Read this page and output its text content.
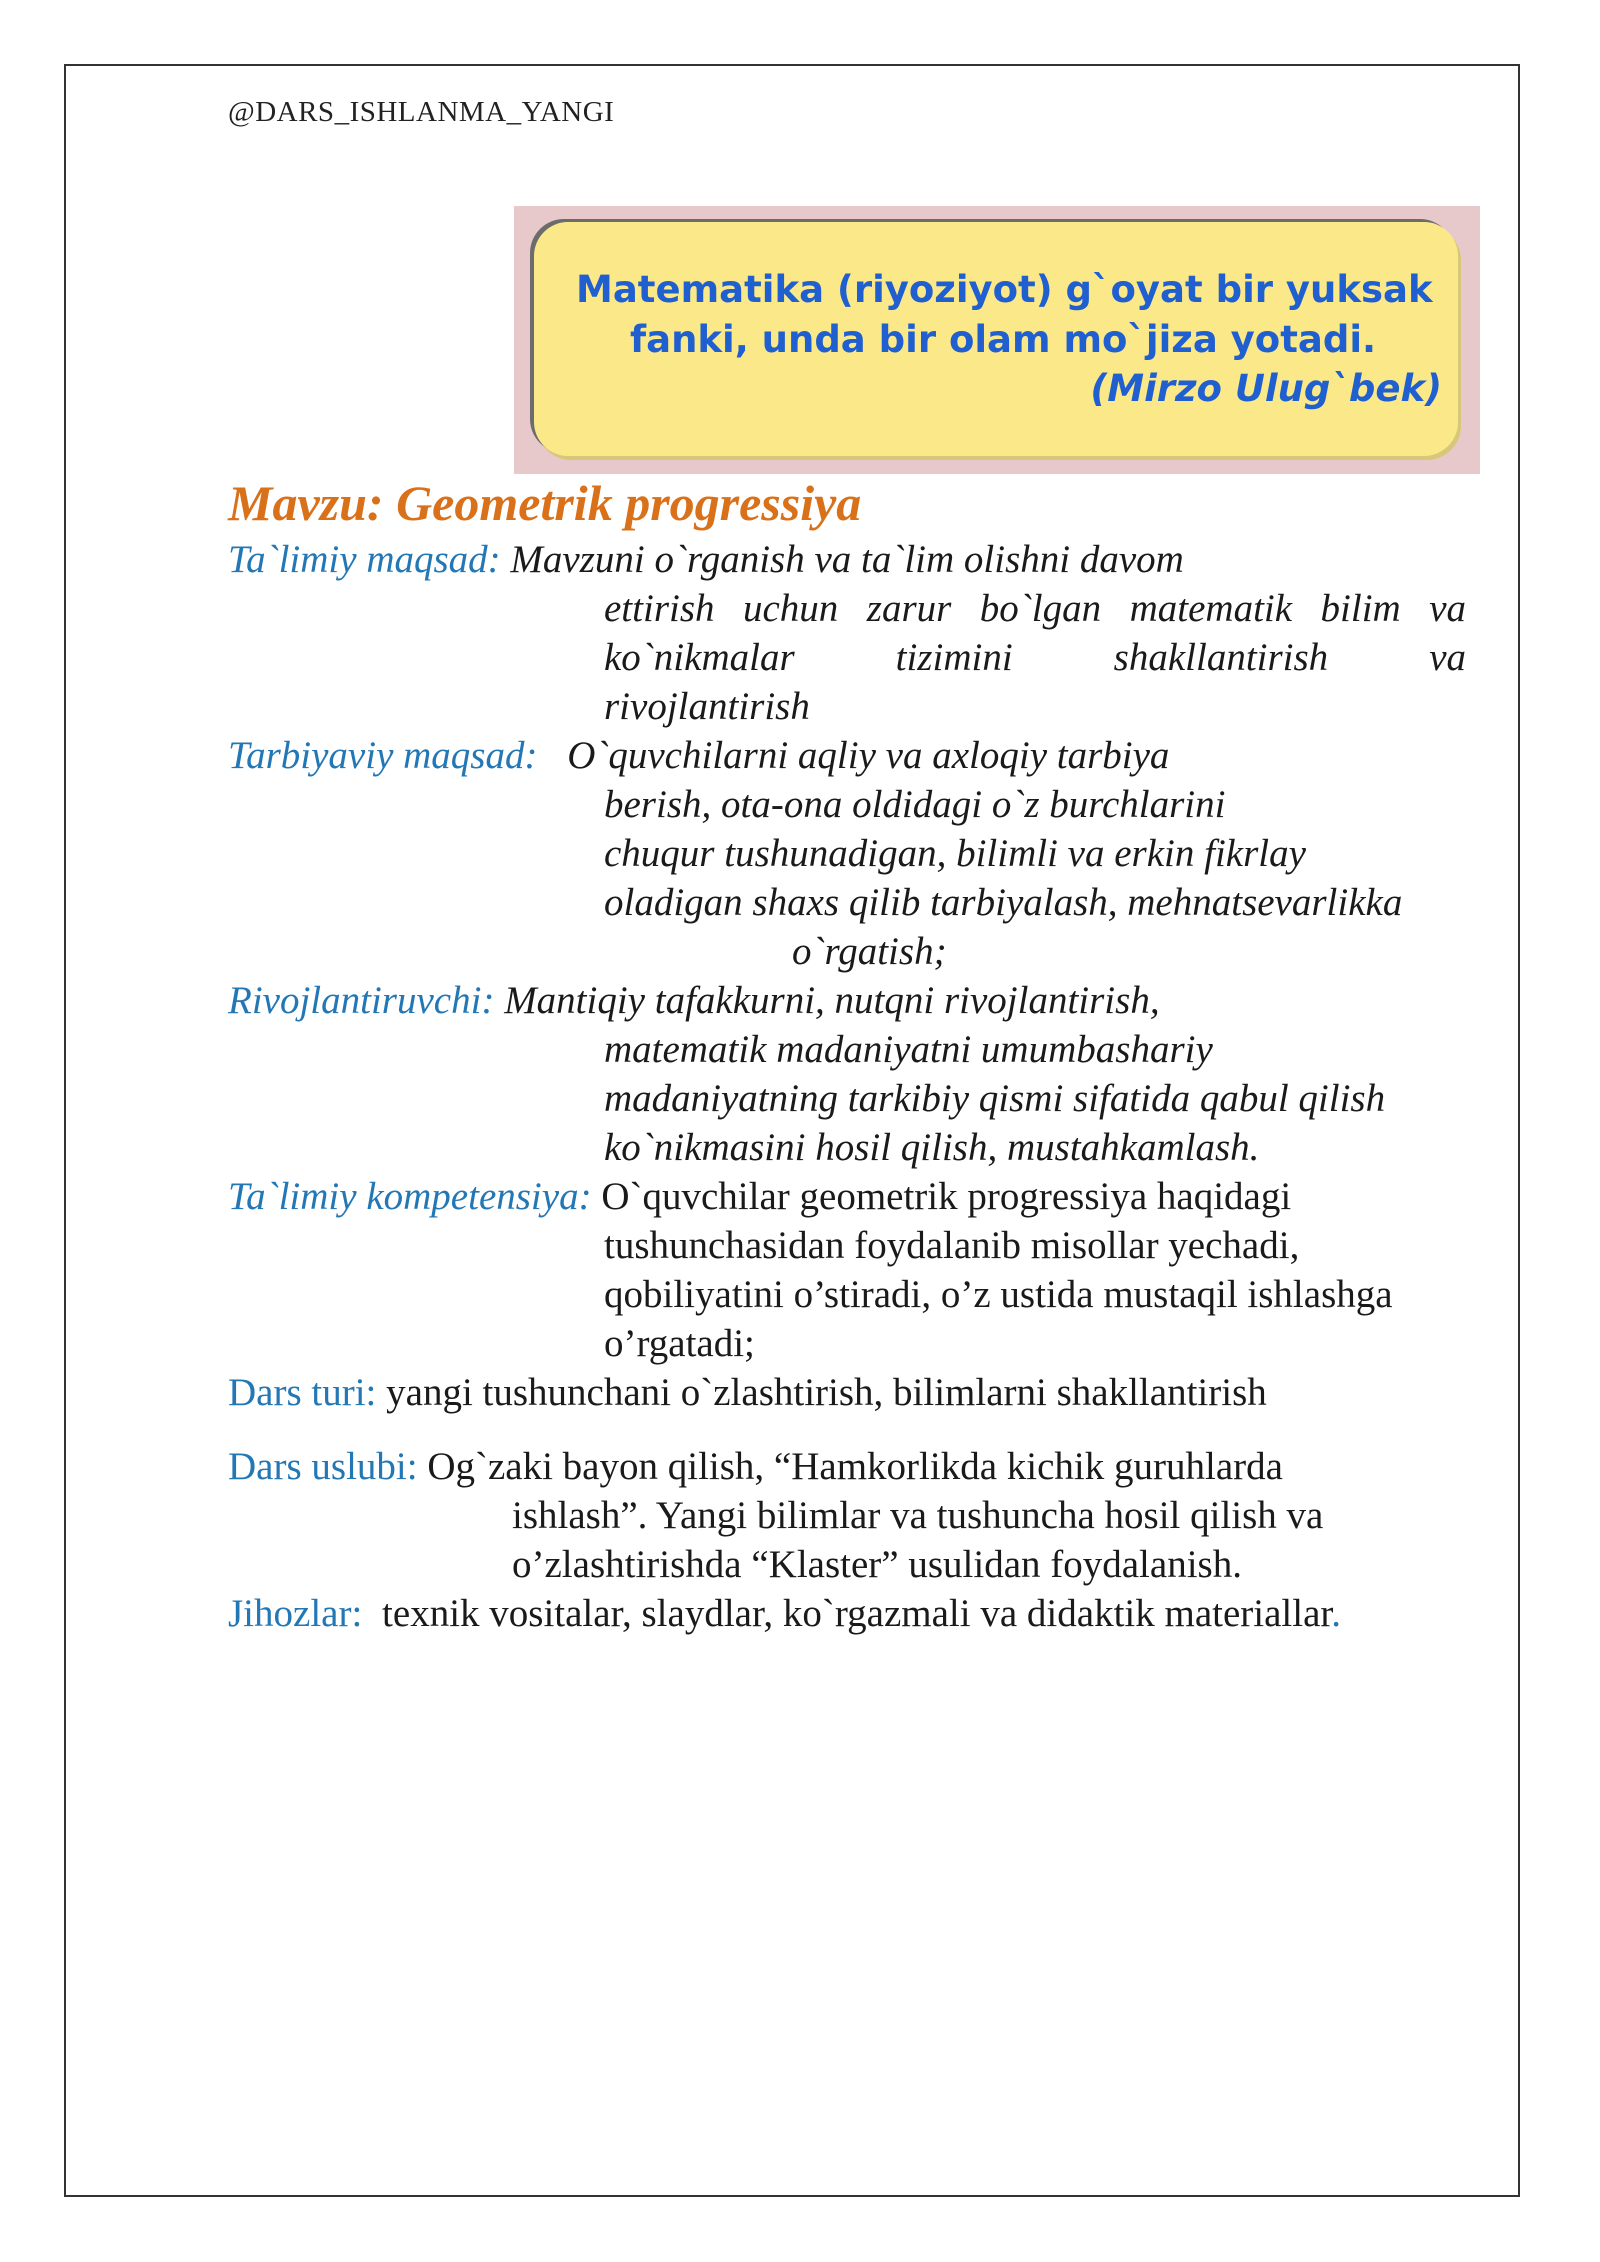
@DARS_ISHLANMA_YANGI
Matematika (riyoziyot) g`oyat bir yuksak
fanki, unda bir olam mo`jiza yotadi.
(Mirzo Ulug`bek)
Mavzu: Geometrik progressiya
Ta`limiy maqsad: Mavzuni o`rganish va ta`lim olishni davom
ettirish uchun zarur bo`lgan matematik bilim va
ko`nikmalar tizimini shakllantirish va
rivojlantirish
Tarbiyaviy maqsad: O`quvchilarni aqliy va axloqiy tarbiya
berish, ota-ona oldidagi o`z burchlarini
chuqur tushunadigan, bilimli va erkin fikrlay
oladigan shaxs qilib tarbiyalash, mehnatsevarlikka
o`rgatish;
Rivojlantiruvchi: Mantiqiy tafakkurni, nutqni rivojlantirish,
matematik madaniyatni umumbashariy
madaniyatning tarkibiy qismi sifatida qabul qilish
ko`nikmasini hosil qilish, mustahkamlash.
Ta`limiy kompetensiya: O`quvchilar geometrik progressiya haqidagi
tushunchasidan foydalanib misollar yechadi,
qobiliyatini o’stiradi, o’z ustida mustaqil ishlashga
o’rgatadi;
Dars turi: yangi tushunchani o`zlashtirish, bilimlarni shakllantirish
Dars uslubi: Og`zaki bayon qilish, “Hamkorlikda kichik guruhlarda
ishlash”. Yangi bilimlar va tushuncha hosil qilish va
o’zlashtirishda “Klaster” usulidan foydalanish.
Jihozlar: texnik vositalar, slaydlar, ko`rgazmali va didaktik materiallar.
